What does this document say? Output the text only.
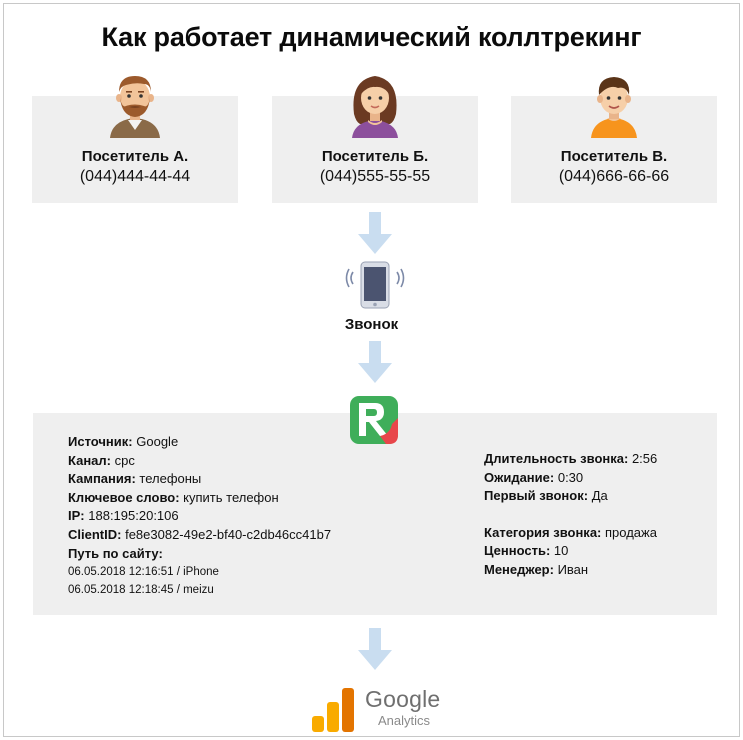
Как работает динамический коллтрекинг
Посетитель А.
(044)444-44-44
Посетитель Б.
(044)555-55-55
Посетитель В.
(044)666-66-66
Звонок
Источник: Google
Канал: cpc
Кампания: телефоны
Ключевое слово: купить телефон
IP: 188:195:20:106
ClientID: fe8e3082-49e2-bf40-c2db46cc41b7
Путь по сайту:
06.05.2018 12:16:51 / iPhone
06.05.2018 12:18:45 / meizu
Длительность звонка: 2:56
Ожидание: 0:30
Первый звонок: Да
Категория звонка: продажа
Ценность: 10
Менеджер: Иван
Google
Analytics
